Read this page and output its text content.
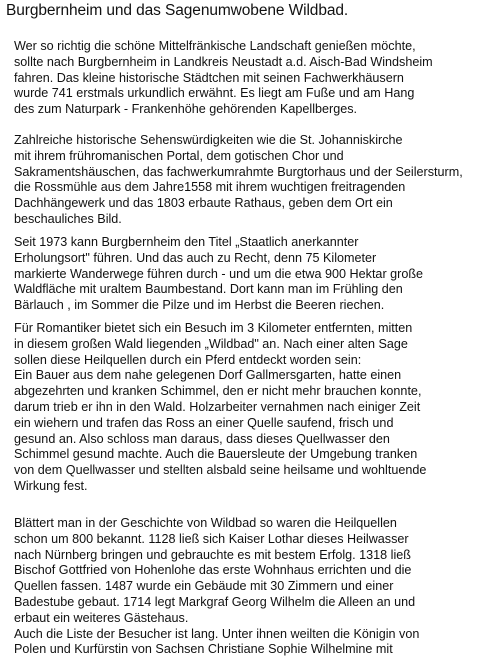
Burgbernheim und das Sagenumwobene Wildbad.

Wer so richtig die schöne Mittelfränkische Landschaft genießen möchte,
sollte nach Burgbernheim in Landkreis Neustadt a.d. Aisch-Bad Windsheim
fahren. Das kleine historische Städtchen mit seinen Fachwerkhäusern
wurde 741 erstmals urkundlich erwähnt. Es liegt am Fuße und am Hang
des zum Naturpark - Frankenhöhe gehörenden Kapellberges.

Zahlreiche historische Sehenswürdigkeiten wie die St. Johanniskirche
mit ihrem frühromanischen Portal, dem gotischen Chor und
Sakramentshäuschen, das fachwerkumrahmte Burgtorhaus und der Seilersturm,
die Rossmühle aus dem Jahre1558 mit ihrem wuchtigen freitragenden
Dachhängewerk und das 1803 erbaute Rathaus, geben dem Ort ein
beschauliches Bild.

Seit 1973 kann Burgbernheim den Titel „Staatlich anerkannter
Erholungsort" führen. Und das auch zu Recht, denn 75 Kilometer
markierte Wanderwege führen durch - und um die etwa 900 Hektar große
Waldfläche mit uraltem Baumbestand. Dort kann man im Frühling den
Bärlauch , im Sommer die Pilze und im Herbst die Beeren riechen.

Für Romantiker bietet sich ein Besuch im 3 Kilometer entfernten, mitten
in diesem großen Wald liegenden „Wildbad" an. Nach einer alten Sage
sollen diese Heilquellen durch ein Pferd entdeckt worden sein:
Ein Bauer aus dem nahe gelegenen Dorf Gallmersgarten, hatte einen
abgezehrten und kranken Schimmel, den er nicht mehr brauchen konnte,
darum trieb er ihn in den Wald. Holzarbeiter vernahmen nach einiger Zeit
ein wiehern und trafen das Ross an einer Quelle saufend, frisch und
gesund an. Also schloss man daraus, dass dieses Quellwasser den
Schimmel gesund machte. Auch die Bauersleute der Umgebung tranken
von dem Quellwasser und stellten alsbald seine heilsame und wohltuende
Wirkung fest.

Blättert man in der Geschichte von Wildbad so waren die Heilquellen
schon um 800 bekannt. 1128 ließ sich Kaiser Lothar dieses Heilwasser
nach Nürnberg bringen und gebrauchte es mit bestem Erfolg. 1318 ließ
Bischof Gottfried von Hohenlohe das erste Wohnhaus errichten und die
Quellen fassen. 1487 wurde ein Gebäude mit 30 Zimmern und einer
Badestube gebaut. 1714 legt Markgraf Georg Wilhelm die Alleen an und
erbaut ein weiteres Gästehaus.
Auch die Liste der Besucher ist lang. Unter ihnen weilten die Königin von
Polen und Kurfürstin von Sachsen Christiane Sophie Wilhelmine mit
